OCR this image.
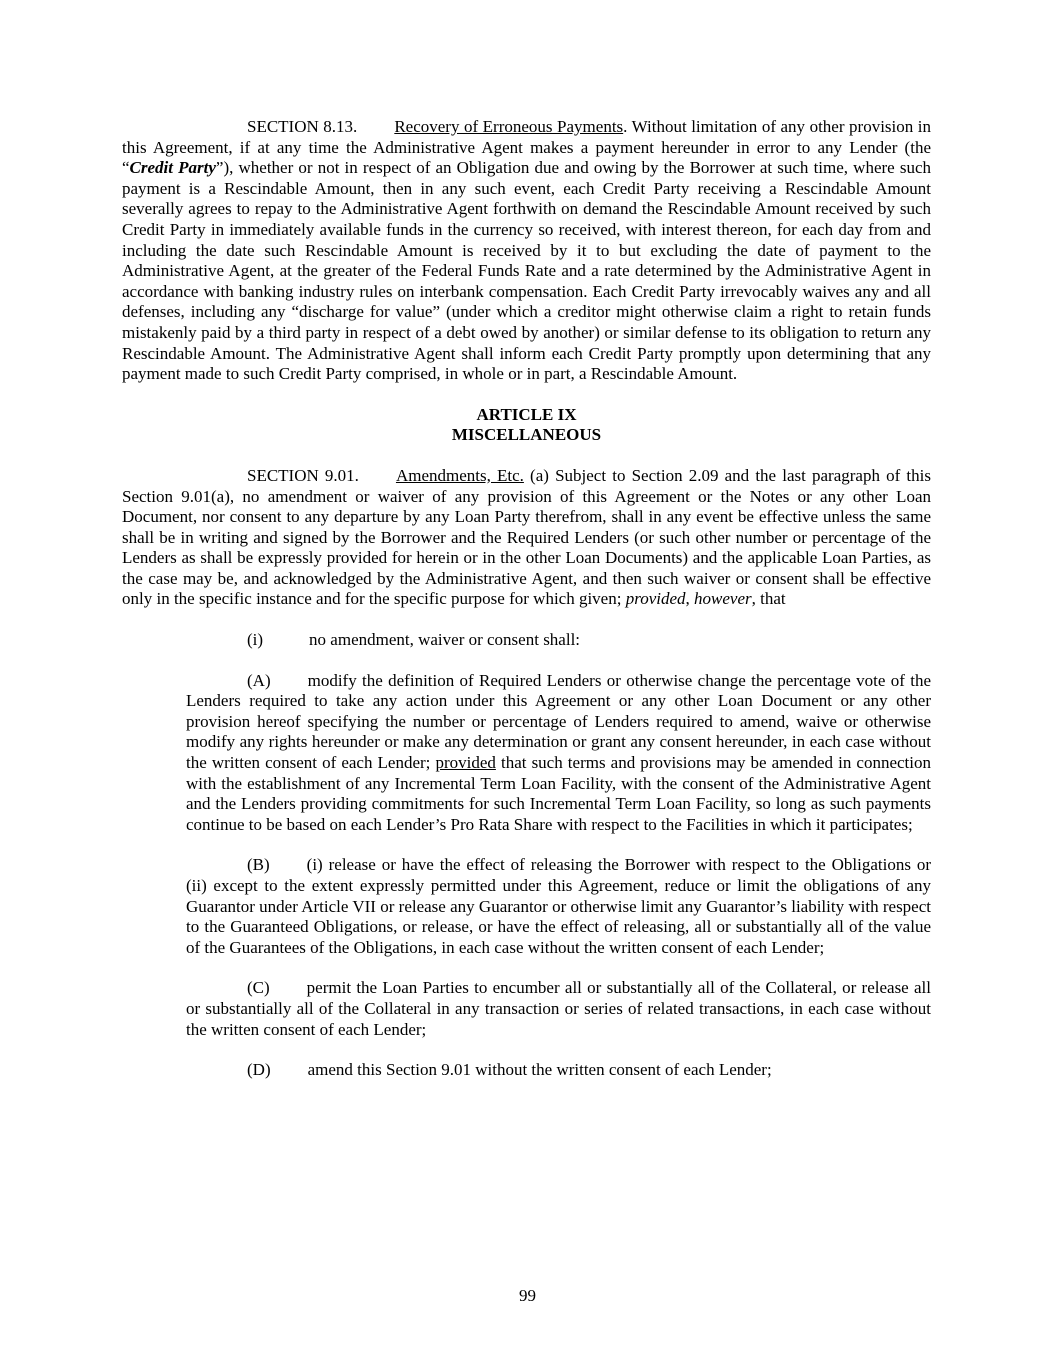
SECTION 8.13. Recovery of Erroneous Payments. Without limitation of any other provision in this Agreement, if at any time the Administrative Agent makes a payment hereunder in error to any Lender (the “Credit Party”), whether or not in respect of an Obligation due and owing by the Borrower at such time, where such payment is a Rescindable Amount, then in any such event, each Credit Party receiving a Rescindable Amount severally agrees to repay to the Administrative Agent forthwith on demand the Rescindable Amount received by such Credit Party in immediately available funds in the currency so received, with interest thereon, for each day from and including the date such Rescindable Amount is received by it to but excluding the date of payment to the Administrative Agent, at the greater of the Federal Funds Rate and a rate determined by the Administrative Agent in accordance with banking industry rules on interbank compensation. Each Credit Party irrevocably waives any and all defenses, including any “discharge for value” (under which a creditor might otherwise claim a right to retain funds mistakenly paid by a third party in respect of a debt owed by another) or similar defense to its obligation to return any Rescindable Amount. The Administrative Agent shall inform each Credit Party promptly upon determining that any payment made to such Credit Party comprised, in whole or in part, a Rescindable Amount.

ARTICLE IX
MISCELLANEOUS

SECTION 9.01. Amendments, Etc. (a) Subject to Section 2.09 and the last paragraph of this Section 9.01(a), no amendment or waiver of any provision of this Agreement or the Notes or any other Loan Document, nor consent to any departure by any Loan Party therefrom, shall in any event be effective unless the same shall be in writing and signed by the Borrower and the Required Lenders (or such other number or percentage of the Lenders as shall be expressly provided for herein or in the other Loan Documents) and the applicable Loan Parties, as the case may be, and acknowledged by the Administrative Agent, and then such waiver or consent shall be effective only in the specific instance and for the specific purpose for which given; provided, however, that

(i)	no amendment, waiver or consent shall:

(A) modify the definition of Required Lenders or otherwise change the percentage vote of the Lenders required to take any action under this Agreement or any other Loan Document or any other provision hereof specifying the number or percentage of Lenders required to amend, waive or otherwise modify any rights hereunder or make any determination or grant any consent hereunder, in each case without the written consent of each Lender; provided that such terms and provisions may be amended in connection with the establishment of any Incremental Term Loan Facility, with the consent of the Administrative Agent and the Lenders providing commitments for such Incremental Term Loan Facility, so long as such payments continue to be based on each Lender’s Pro Rata Share with respect to the Facilities in which it participates;

(B) (i) release or have the effect of releasing the Borrower with respect to the Obligations or (ii) except to the extent expressly permitted under this Agreement, reduce or limit the obligations of any Guarantor under Article VII or release any Guarantor or otherwise limit any Guarantor’s liability with respect to the Guaranteed Obligations, or release, or have the effect of releasing, all or substantially all of the value of the Guarantees of the Obligations, in each case without the written consent of each Lender;

(C) permit the Loan Parties to encumber all or substantially all of the Collateral, or release all or substantially all of the Collateral in any transaction or series of related transactions, in each case without the written consent of each Lender;

(D) amend this Section 9.01 without the written consent of each Lender;

99
